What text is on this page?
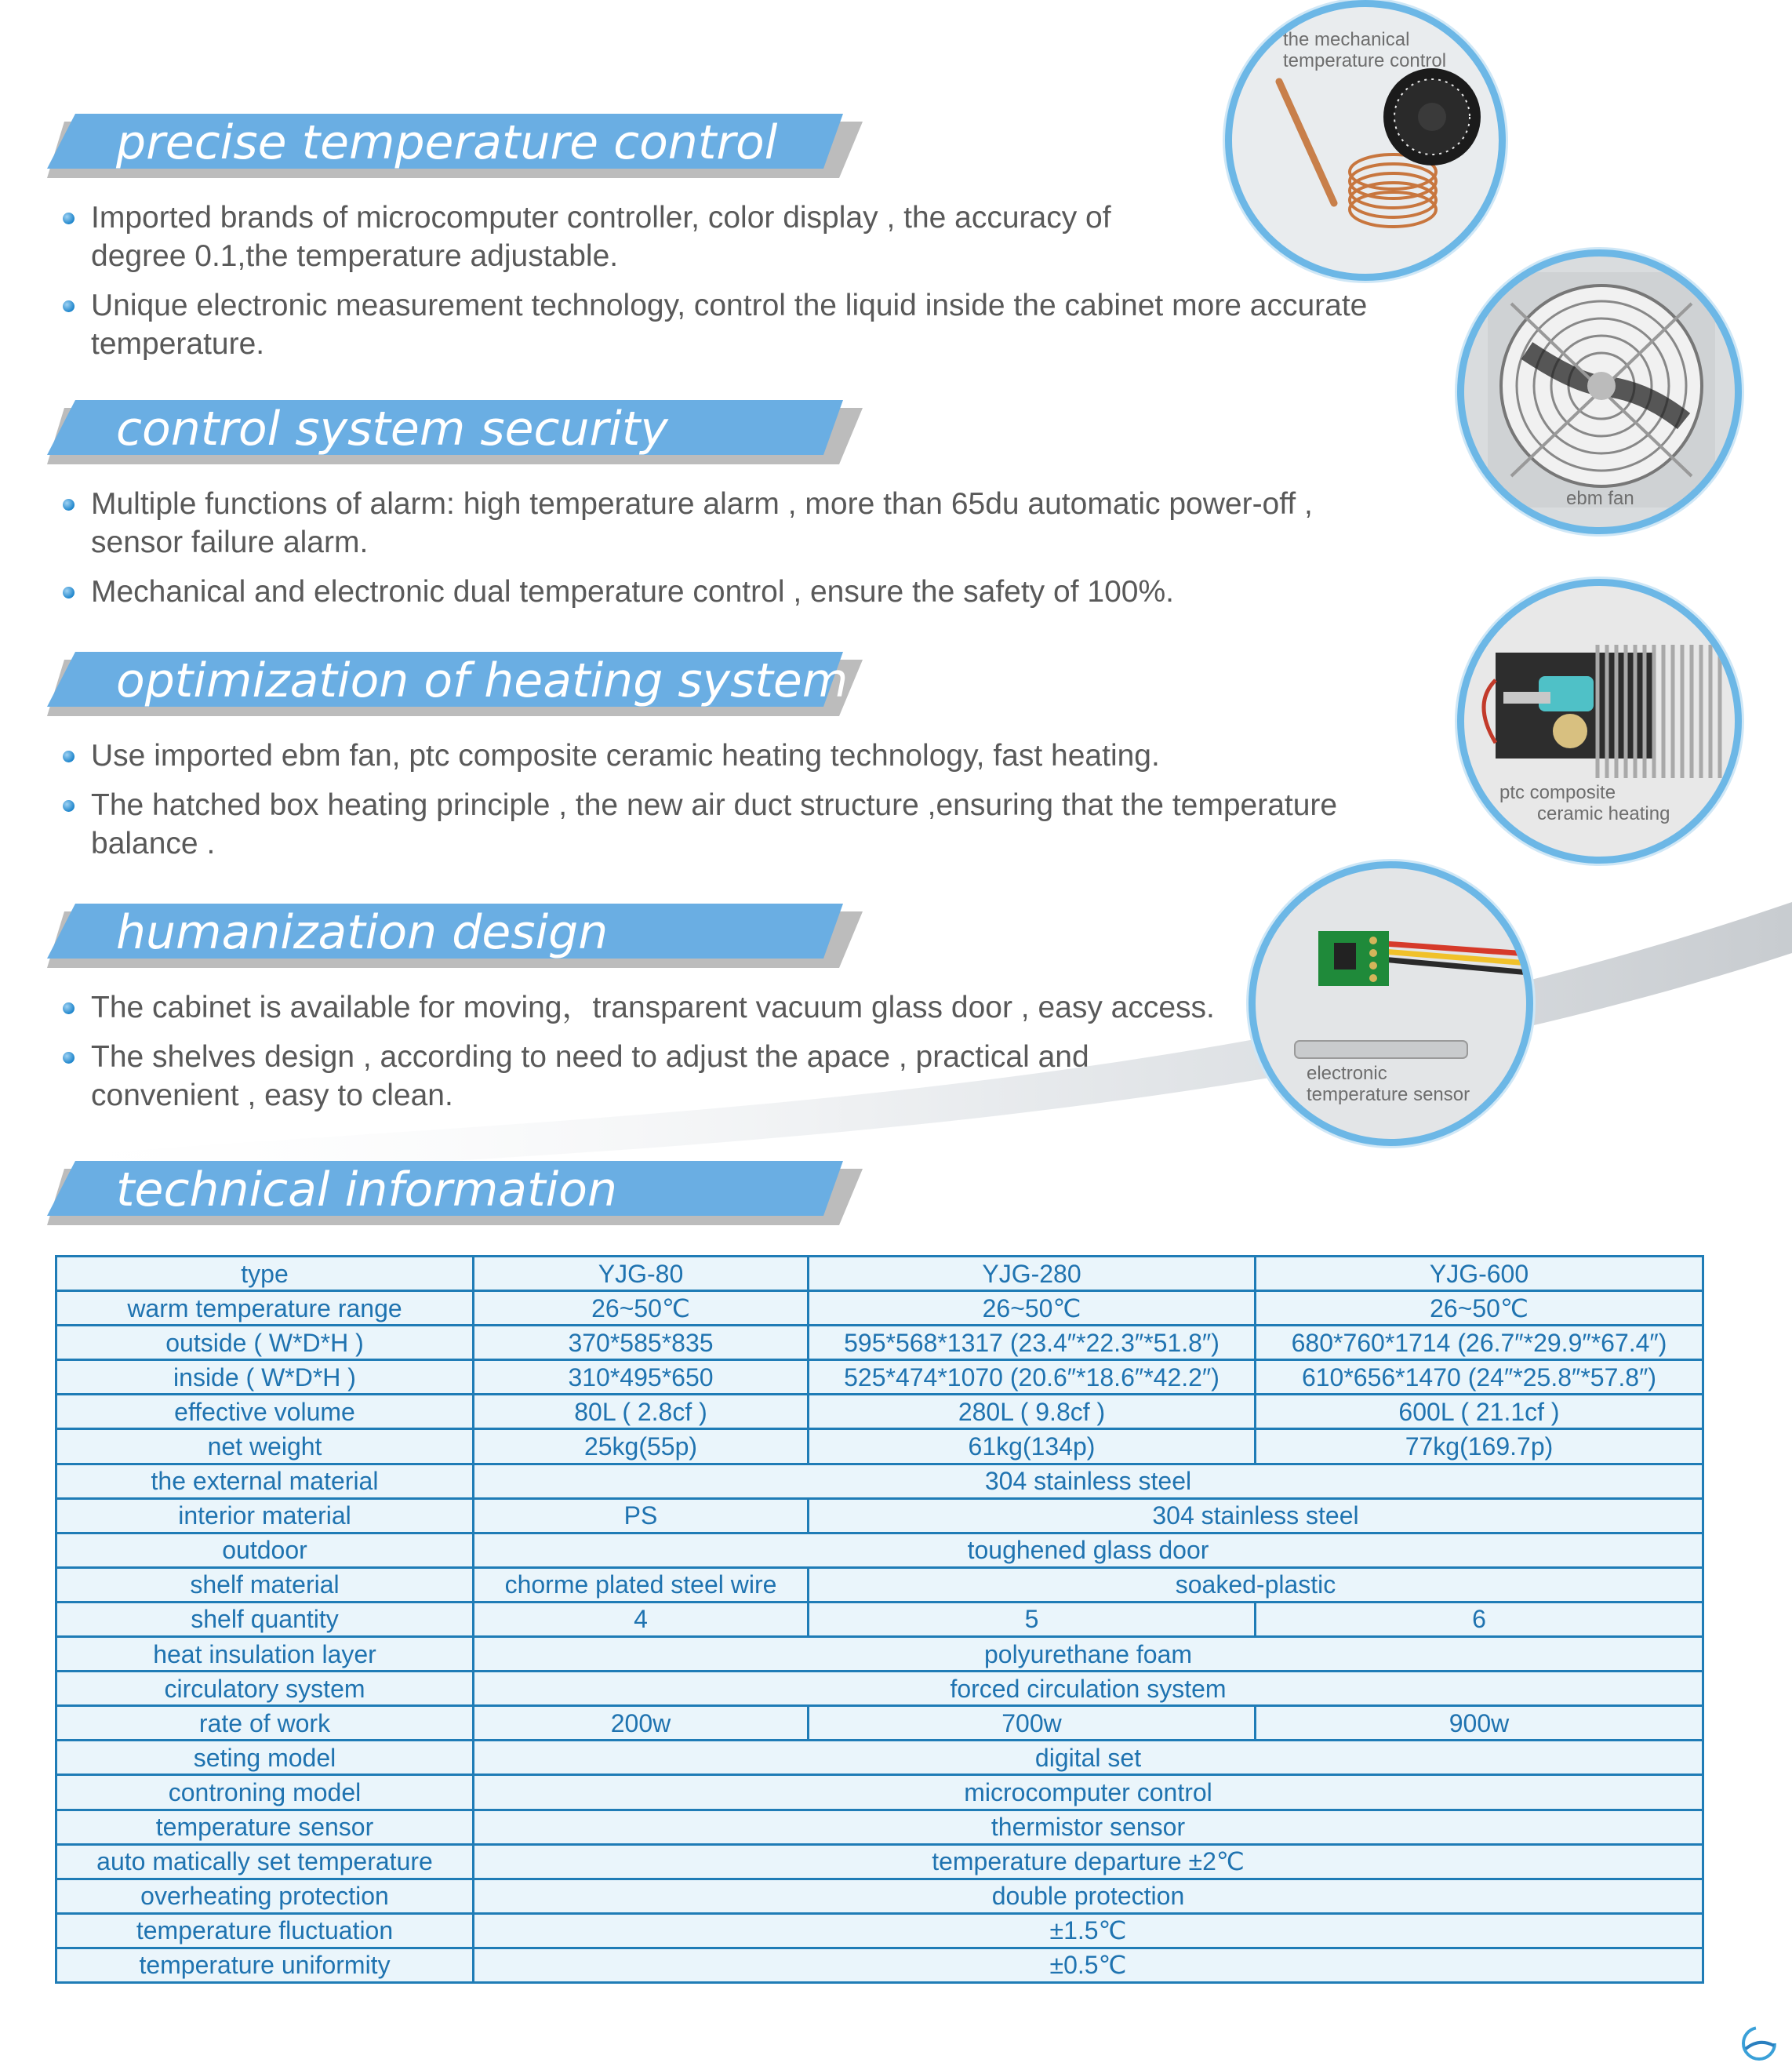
precise temperature control
Imported brands of microcomputer controller, color display , the accuracy of
degree 0.1,the temperature adjustable.
Unique electronic measurement technology, control the liquid inside the cabinet more accurate
temperature.
control system security
Multiple functions of alarm: high temperature alarm , more than 65du automatic power-off ,
sensor failure alarm.
Mechanical and electronic dual temperature control , ensure the safety of 100%.
optimization of heating system
Use imported ebm fan, ptc composite ceramic heating technology, fast heating.
The hatched box heating principle , the new air duct structure ,ensuring that the temperature
balance .
humanization design
The cabinet is available for moving，transparent vacuum glass door , easy access.
The shelves design , according to need to adjust the apace , practical and
convenient , easy to clean.
technical information
the mechanical
temperature control
ebm fan
ptc composite
ceramic heating
electronic
temperature sensor
type	YJG-80	YJG-280	YJG-600
warm temperature range	26~50℃	26~50℃	26~50℃
outside ( W*D*H )	370*585*835	595*568*1317 (23.4″*22.3″*51.8″)	680*760*1714 (26.7″*29.9″*67.4″)
inside ( W*D*H )	310*495*650	525*474*1070 (20.6″*18.6″*42.2″)	610*656*1470 (24″*25.8″*57.8″)
effective volume	80L ( 2.8cf )	280L ( 9.8cf )	600L ( 21.1cf )
net weight	25kg(55p)	61kg(134p)	77kg(169.7p)
the external material	304 stainless steel		
interior material	PS	304 stainless steel	
outdoor	toughened glass door		
shelf material	chorme plated steel wire	soaked-plastic	
shelf quantity	4	5	6
heat insulation layer	polyurethane foam		
circulatory system	forced circulation system		
rate of work	200w	700w	900w
seting model	digital set		
controning model	microcomputer control		
temperature sensor	thermistor sensor		
auto matically set temperature	temperature departure ±2℃		
overheating protection	double protection		
temperature fluctuation	±1.5℃		
temperature uniformity	±0.5℃		
